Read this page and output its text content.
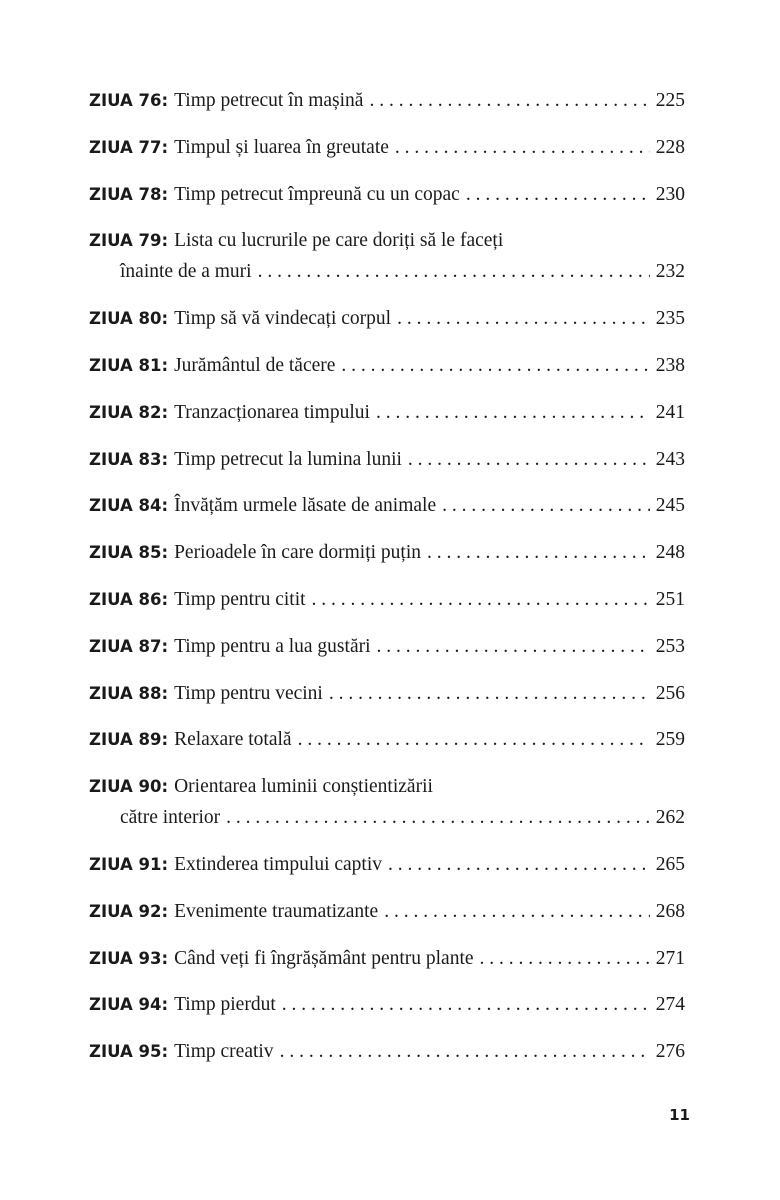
ZIUA 76: Timp petrecut în mașină . . .	225
ZIUA 77: Timpul și luarea în greutate . . .	228
ZIUA 78: Timp petrecut împreună cu un copac . . .	230
ZIUA 79: Lista cu lucrurile pe care doriți să le faceți
înainte de a muri . . .	232
ZIUA 80: Timp să vă vindecați corpul . . .	235
ZIUA 81: Jurământul de tăcere . . .	238
ZIUA 82: Tranzacționarea timpului . . .	241
ZIUA 83: Timp petrecut la lumina lunii . . .	243
ZIUA 84: Învățăm urmele lăsate de animale . . .	245
ZIUA 85: Perioadele în care dormiți puțin . . .	248
ZIUA 86: Timp pentru citit . . .	251
ZIUA 87: Timp pentru a lua gustări . . .	253
ZIUA 88: Timp pentru vecini . . .	256
ZIUA 89: Relaxare totală . . .	259
ZIUA 90: Orientarea luminii conștientizării
către interior . . .	262
ZIUA 91: Extinderea timpului captiv . . .	265
ZIUA 92: Evenimente traumatizante . . .	268
ZIUA 93: Când veți fi îngrășământ pentru plante . . .	271
ZIUA 94: Timp pierdut . . .	274
ZIUA 95: Timp creativ . . .	276
11
